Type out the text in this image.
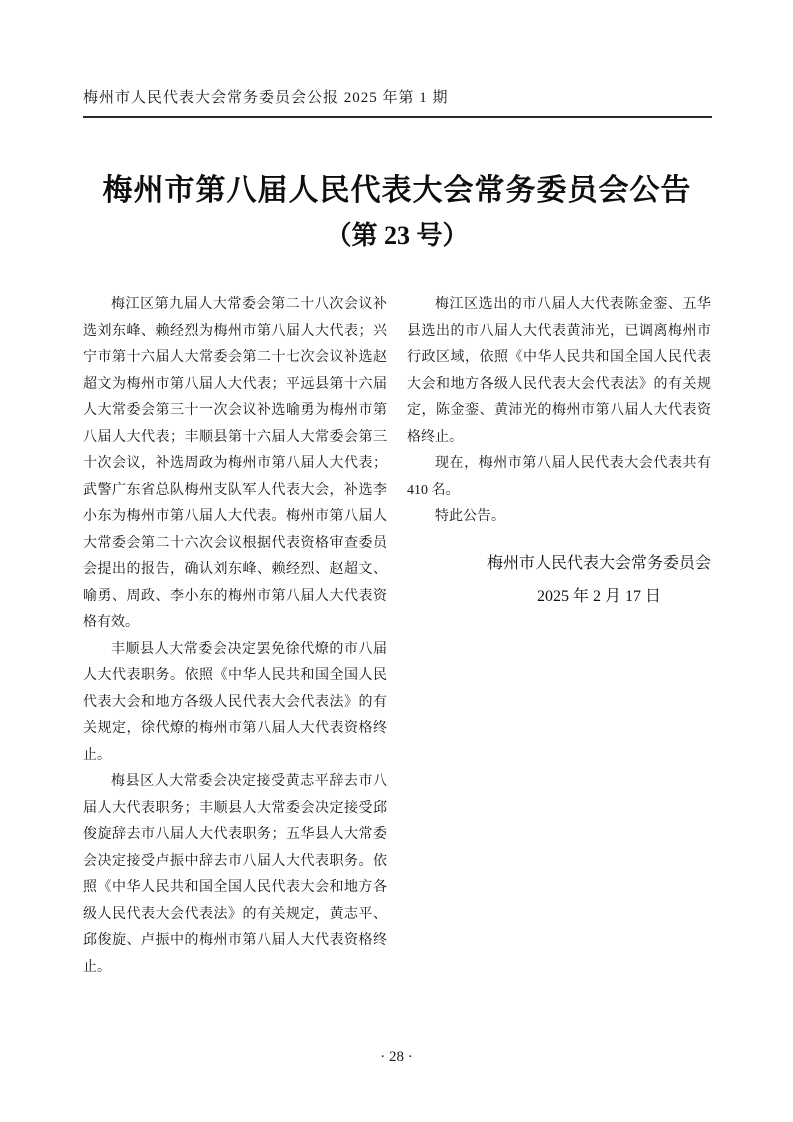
梅州市人民代表大会常务委员会公报 2025 年第 1 期
梅州市第八届人民代表大会常务委员会公告
（第 23 号）

梅江区第九届人大常委会第二十八次会议补选刘东峰、赖经烈为梅州市第八届人大代表；兴宁市第十六届人大常委会第二十七次会议补选赵超文为梅州市第八届人大代表；平远县第十六届人大常委会第三十一次会议补选喻勇为梅州市第八届人大代表；丰顺县第十六届人大常委会第三十次会议，补选周政为梅州市第八届人大代表；武警广东省总队梅州支队军人代表大会，补选李小东为梅州市第八届人大代表。梅州市第八届人大常委会第二十六次会议根据代表资格审查委员会提出的报告，确认刘东峰、赖经烈、赵超文、喻勇、周政、李小东的梅州市第八届人大代表资格有效。

丰顺县人大常委会决定罢免徐代燎的市八届人大代表职务。依照《中华人民共和国全国人民代表大会和地方各级人民代表大会代表法》的有关规定，徐代燎的梅州市第八届人大代表资格终止。

梅县区人大常委会决定接受黄志平辞去市八届人大代表职务；丰顺县人大常委会决定接受邱俊旋辞去市八届人大代表职务；五华县人大常委会决定接受卢振中辞去市八届人大代表职务。依照《中华人民共和国全国人民代表大会和地方各级人民代表大会代表法》的有关规定，黄志平、邱俊旋、卢振中的梅州市第八届人大代表资格终止。

梅江区选出的市八届人大代表陈金銮、五华县选出的市八届人大代表黄沛光，已调离梅州市行政区域，依照《中华人民共和国全国人民代表大会和地方各级人民代表大会代表法》的有关规定，陈金銮、黄沛光的梅州市第八届人大代表资格终止。

现在，梅州市第八届人民代表大会代表共有 410 名。

特此公告。

梅州市人民代表大会常务委员会
2025 年 2 月 17 日
· 28 ·
